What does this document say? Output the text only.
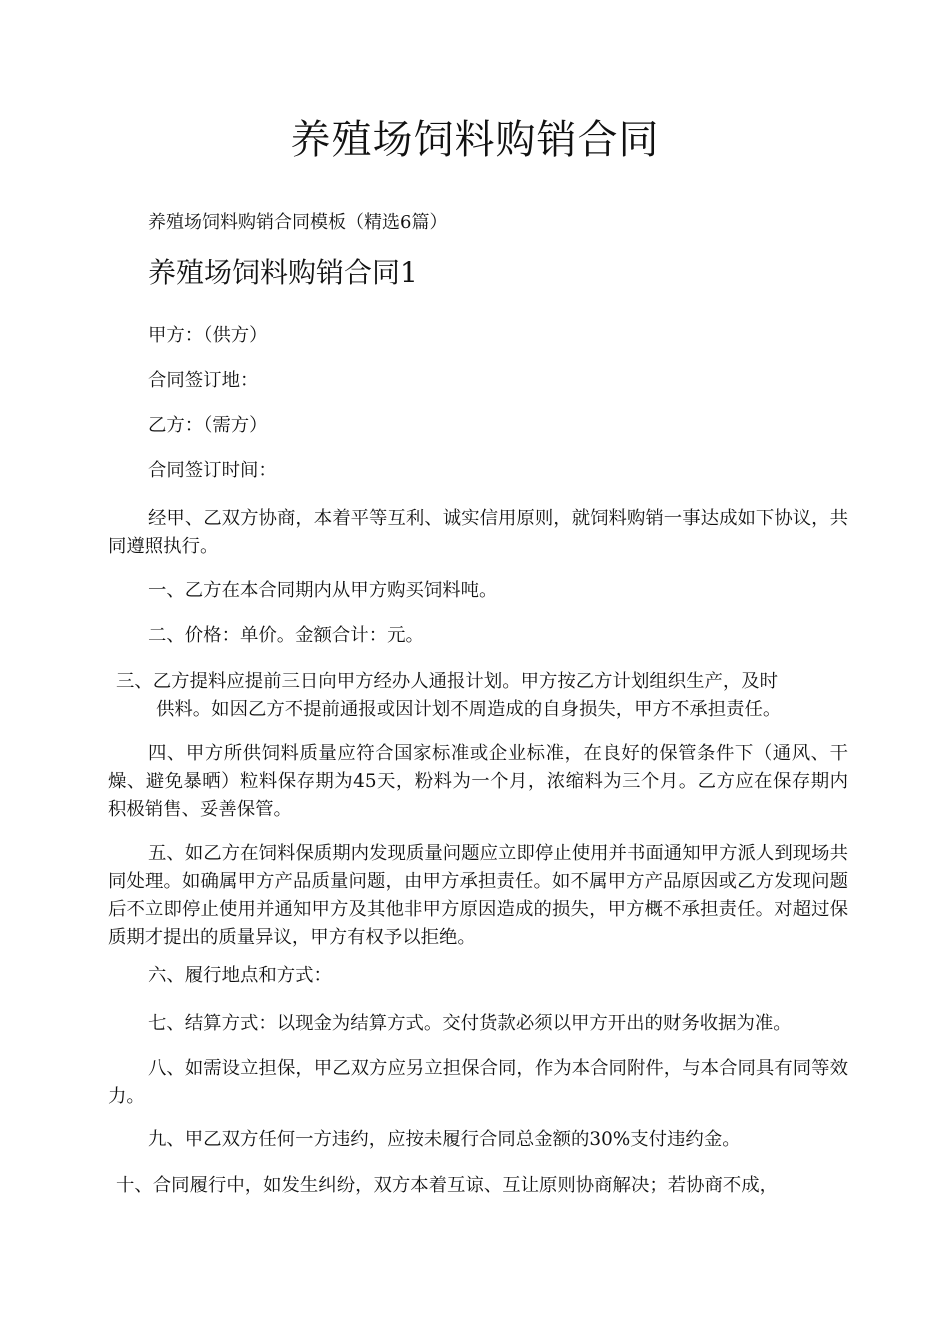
养殖场饲料购销合同
养殖场饲料购销合同模板（精选6篇）
养殖场饲料购销合同1

甲方：（供方）

合同签订地：

乙方：（需方）

合同签订时间：

经甲、乙双方协商，本着平等互利、诚实信用原则，就饲料购销一事达成如下协议，共同遵照执行。

一、乙方在本合同期内从甲方购买饲料吨。

二、价格：单价。金额合计：元。

三、乙方提料应提前三日向甲方经办人通报计划。甲方按乙方计划组织生产，及时
供料。如因乙方不提前通报或因计划不周造成的自身损失，甲方不承担责任。

四、甲方所供饲料质量应符合国家标准或企业标准，在良好的保管条件下（通风、干燥、避免暴晒）粒料保存期为45天，粉料为一个月，浓缩料为三个月。乙方应在保存期内积极销售、妥善保管。

五、如乙方在饲料保质期内发现质量问题应立即停止使用并书面通知甲方派人到现场共同处理。如确属甲方产品质量问题，由甲方承担责任。如不属甲方产品原因或乙方发现问题后不立即停止使用并通知甲方及其他非甲方原因造成的损失，甲方概不承担责任。对超过保质期才提出的质量异议，甲方有权予以拒绝。

六、履行地点和方式：

七、结算方式：以现金为结算方式。交付货款必须以甲方开出的财务收据为准。

八、如需设立担保，甲乙双方应另立担保合同，作为本合同附件，与本合同具有同等效力。

九、甲乙双方任何一方违约，应按未履行合同总金额的30%支付违约金。

十、合同履行中，如发生纠纷，双方本着互谅、互让原则协商解决；若协商不成，
